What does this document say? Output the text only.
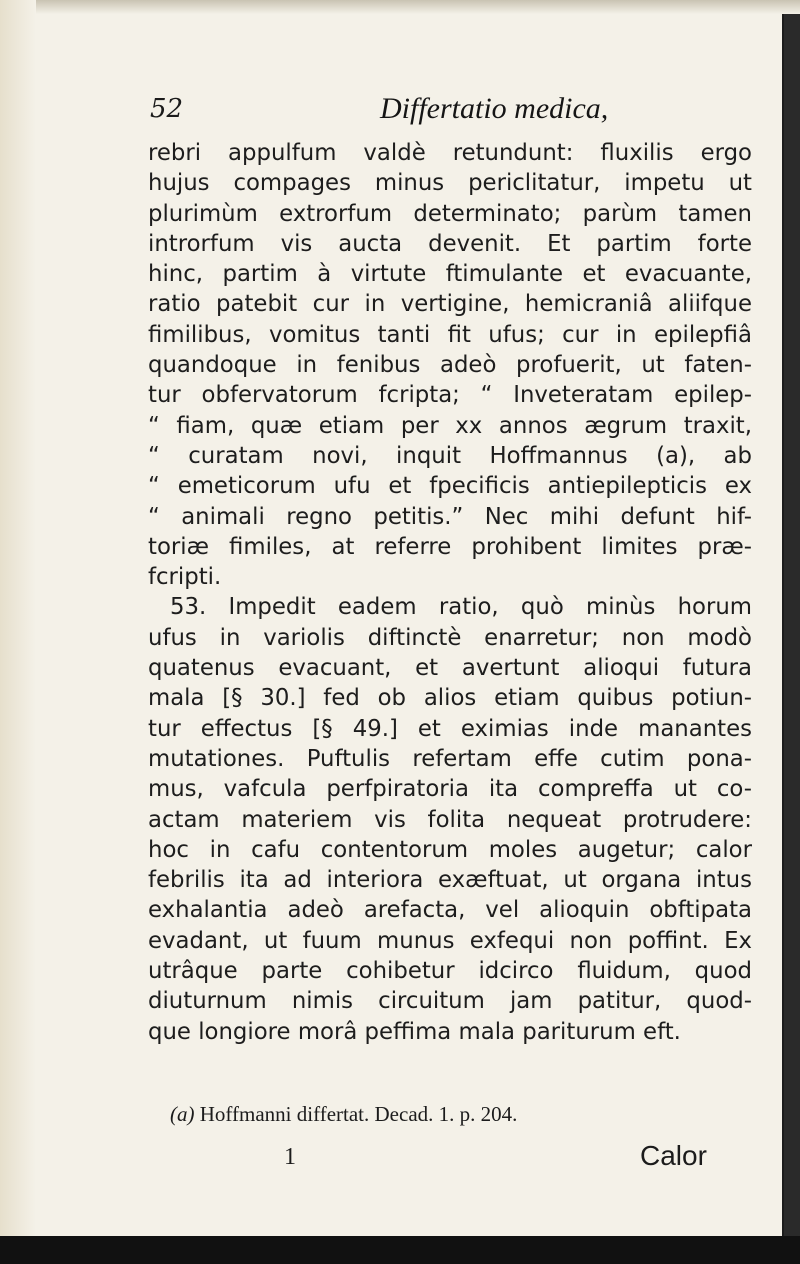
52	Differtatio medica,
rebri appulfum valdè retundunt: fluxilis ergo
hujus compages minus periclitatur, impetu ut
plurimùm extrorfum determinato; parùm tamen
introrfum vis aucta devenit. Et partim forte
hinc, partim à virtute ftimulante et evacuante,
ratio patebit cur in vertigine, hemicraniâ aliifque
fimilibus, vomitus tanti fit ufus; cur in epilepfiâ
quandoque in fenibus adeò profuerit, ut faten-
tur obfervatorum fcripta; “ Inveteratam epilep-
“ fiam, quæ etiam per xx annos ægrum traxit,
“ curatam novi, inquit Hoffmannus (a), ab
“ emeticorum ufu et fpecificis antiepilepticis ex
“ animali regno petitis.” Nec mihi defunt hif-
toriæ fimiles, at referre prohibent limites præ-
fcripti.
53. Impedit eadem ratio, quò minùs horum
ufus in variolis diftinctè enarretur; non modò
quatenus evacuant, et avertunt alioqui futura
mala [§ 30.] fed ob alios etiam quibus potiun-
tur effectus [§ 49.] et eximias inde manantes
mutationes. Puftulis refertam effe cutim pona-
mus, vafcula perfpiratoria ita compreffa ut co-
actam materiem vis folita nequeat protrudere:
hoc in cafu contentorum moles augetur; calor
febrilis ita ad interiora exæftuat, ut organa intus
exhalantia adeò arefacta, vel alioquin obftipata
evadant, ut fuum munus exfequi non poffint. Ex
utrâque parte cohibetur idcirco fluidum, quod
diuturnum nimis circuitum jam patitur, quod-
que longiore morâ peffima mala pariturum eft.
(a) Hoffmanni differtat. Decad. 1. p. 204.
1	Calor
